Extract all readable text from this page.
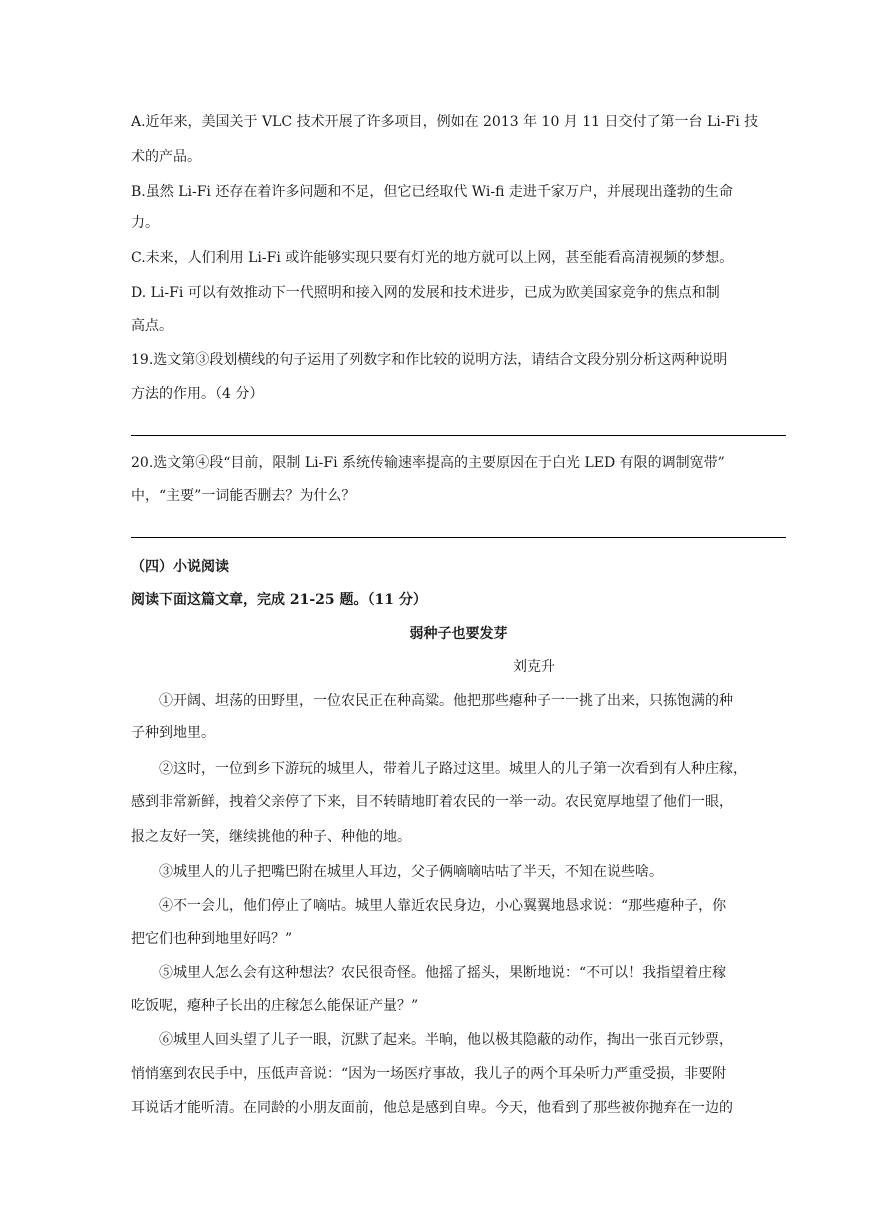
A.近年来，美国关于 VLC 技术开展了许多项目，例如在 2013 年 10 月 11 日交付了第一台 Li-Fi 技
术的产品。
B.虽然 Li-Fi 还存在着许多问题和不足，但它已经取代 Wi-fi 走进千家万户，并展现出蓬勃的生命
力。
C.未来，人们利用 Li-Fi 或许能够实现只要有灯光的地方就可以上网，甚至能看高清视频的梦想。
D. Li-Fi 可以有效推动下一代照明和接入网的发展和技术进步，已成为欧美国家竞争的焦点和制
高点。
19.选文第③段划横线的句子运用了列数字和作比较的说明方法，请结合文段分别分析这两种说明
方法的作用。（4 分）
20.选文第④段“目前，限制 Li-Fi 系统传输速率提高的主要原因在于白光 LED 有限的调制宽带”
中，“主要”一词能否删去？为什么？
（四）小说阅读
阅读下面这篇文章，完成 21-25 题。（11 分）
弱种子也要发芽
刘克升
①开阔、坦荡的田野里，一位农民正在种高粱。他把那些瘪种子一一挑了出来，只拣饱满的种
子种到地里。
②这时，一位到乡下游玩的城里人，带着儿子路过这里。城里人的儿子第一次看到有人种庄稼，
感到非常新鲜，拽着父亲停了下来，目不转睛地盯着农民的一举一动。农民宽厚地望了他们一眼，
报之友好一笑，继续挑他的种子、种他的地。
③城里人的儿子把嘴巴附在城里人耳边，父子俩嘀嘀咕咕了半天，不知在说些啥。
④不一会儿，他们停止了嘀咕。城里人靠近农民身边，小心翼翼地恳求说：“那些瘪种子，你
把它们也种到地里好吗？”
⑤城里人怎么会有这种想法？农民很奇怪。他摇了摇头，果断地说：“不可以！我指望着庄稼
吃饭呢，瘪种子长出的庄稼怎么能保证产量？”
⑥城里人回头望了儿子一眼，沉默了起来。半晌，他以极其隐蔽的动作，掏出一张百元钞票，
悄悄塞到农民手中，压低声音说：“因为一场医疗事故，我儿子的两个耳朵听力严重受损，非要附
耳说话才能听清。在同龄的小朋友面前，他总是感到自卑。今天，他看到了那些被你抛弃在一边的
